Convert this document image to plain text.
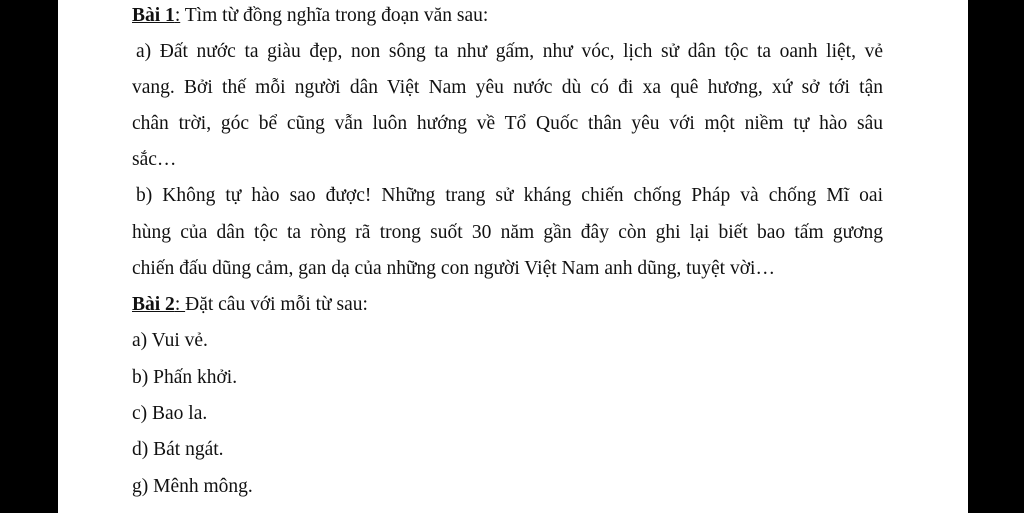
Bài 1: Tìm từ đồng nghĩa trong đoạn văn sau:
a) Đất nước ta giàu đẹp, non sông ta như gấm, như vóc, lịch sử dân tộc ta oanh liệt, vẻ
vang. Bởi thế mỗi người dân Việt Nam yêu nước dù có đi xa quê hương, xứ sở tới tận
chân trời, góc bể cũng vẫn luôn hướng về Tổ Quốc thân yêu với một niềm tự hào sâu
sắc…
b) Không tự hào sao được! Những trang sử kháng chiến chống Pháp và chống Mĩ oai
hùng của dân tộc ta ròng rã trong suốt 30 năm gần đây còn ghi lại biết bao tấm gương
chiến đấu dũng cảm, gan dạ của những con người Việt Nam anh dũng, tuyệt vời…
Bài 2: Đặt câu với mỗi từ sau:
a) Vui vẻ.
b) Phấn khởi.
c) Bao la.
d) Bát ngát.
g) Mênh mông.
